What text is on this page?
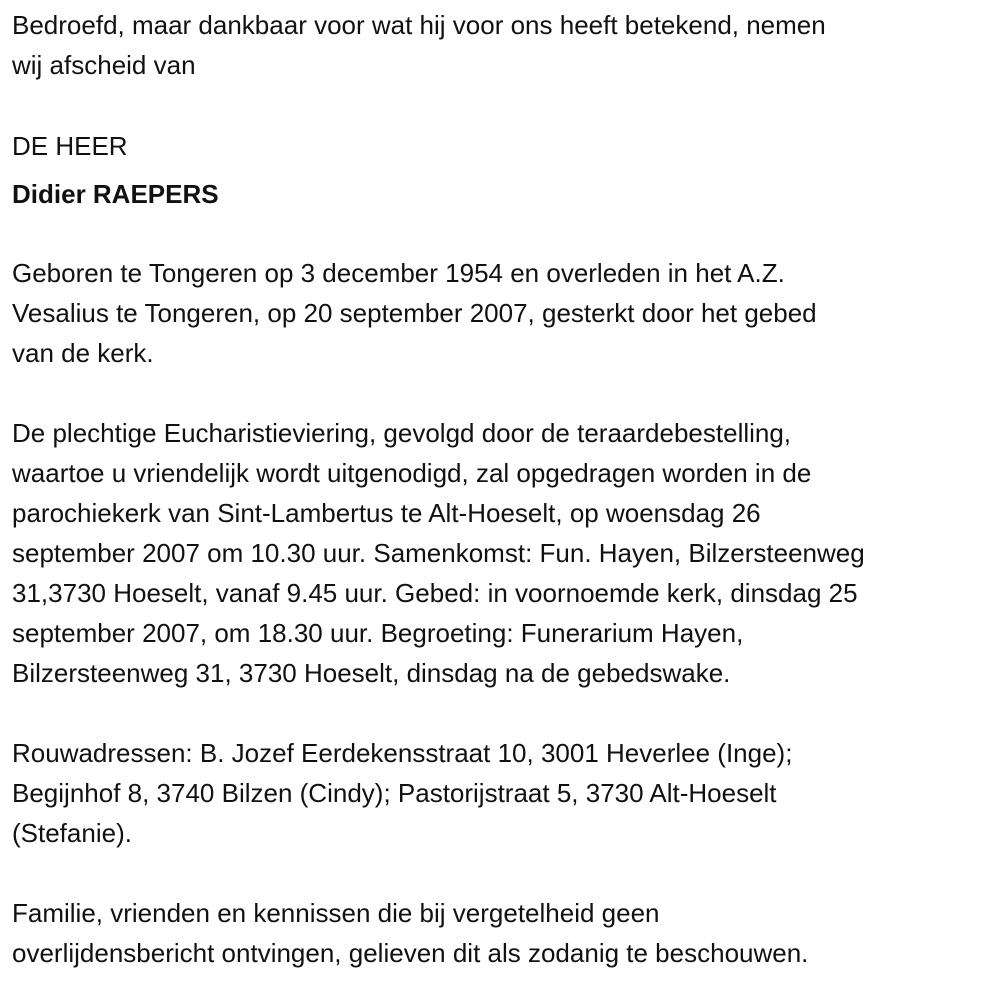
Bedroefd, maar dankbaar voor wat hij voor ons heeft betekend, nemen
wij afscheid van

DE HEER

Didier RAEPERS

Geboren te Tongeren op 3 december 1954 en overleden in het A.Z.
Vesalius te Tongeren, op 20 september 2007, gesterkt door het gebed
van de kerk.

De plechtige Eucharistieviering, gevolgd door de teraardebestelling,
waartoe u vriendelijk wordt uitgenodigd, zal opgedragen worden in de
parochiekerk van Sint-Lambertus te Alt-Hoeselt, op woensdag 26
september 2007 om 10.30 uur. Samenkomst: Fun. Hayen, Bilzersteenweg
31,3730 Hoeselt, vanaf 9.45 uur. Gebed: in voornoemde kerk, dinsdag 25
september 2007, om 18.30 uur. Begroeting: Funerarium Hayen,
Bilzersteenweg 31, 3730 Hoeselt, dinsdag na de gebedswake.

Rouwadressen: B. Jozef Eerdekensstraat 10, 3001 Heverlee (Inge);
Begijnhof 8, 3740 Bilzen (Cindy); Pastorijstraat 5, 3730 Alt-Hoeselt
(Stefanie).

Familie, vrienden en kennissen die bij vergetelheid geen
overlijdensbericht ontvingen, gelieven dit als zodanig te beschouwen.
